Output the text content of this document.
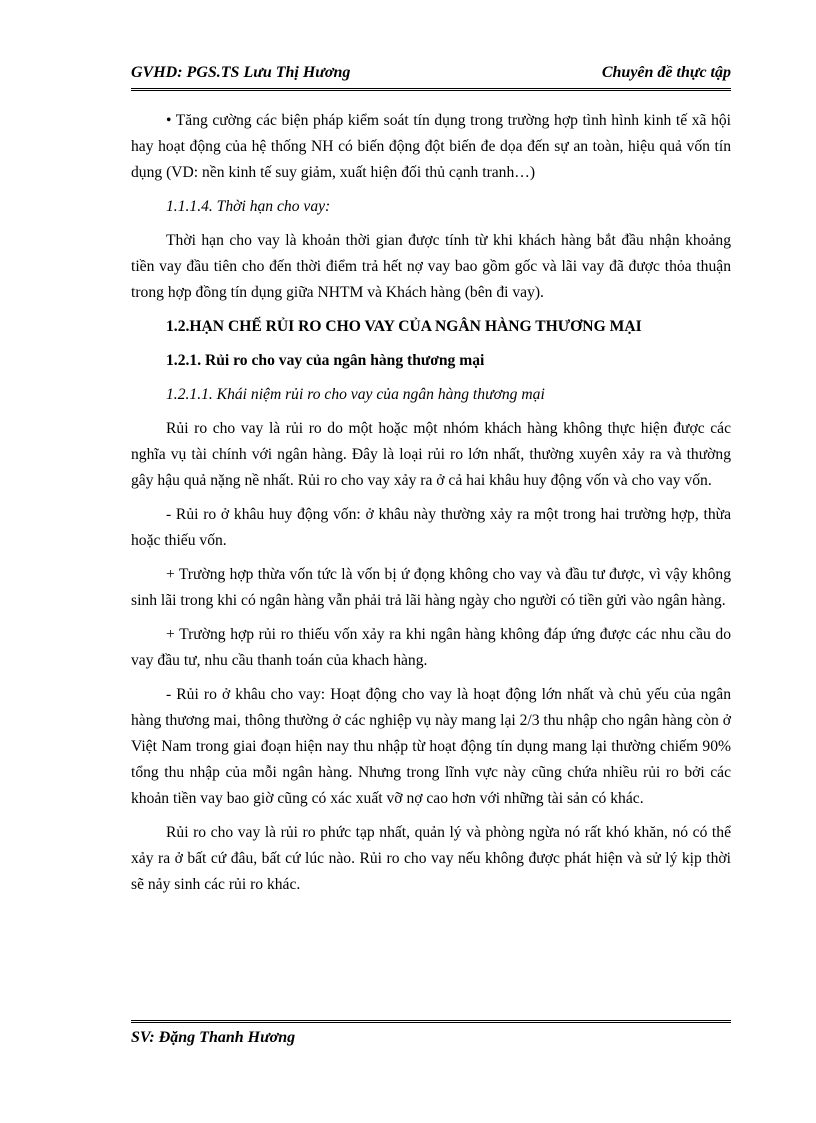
GVHD: PGS.TS Lưu Thị Hương	Chuyên đề thực tập

• Tăng cường các biện pháp kiểm soát tín dụng trong trường hợp tình hình kinh tế xã hội hay hoạt động của hệ thống NH có biến động đột biến đe dọa đến sự an toàn, hiệu quả vốn tín dụng (VD: nền kinh tế suy giảm, xuất hiện đối thủ cạnh tranh…)

1.1.1.4. Thời hạn cho vay:

Thời hạn cho vay là khoản thời gian được tính từ khi khách hàng bắt đầu nhận khoảng tiền vay đầu tiên cho đến thời điểm trả hết nợ vay bao gồm gốc và lãi vay đã được thỏa thuận trong hợp đồng tín dụng giữa NHTM và Khách hàng (bên đi vay).

1.2.HẠN CHẾ RỦI RO CHO VAY CỦA NGÂN HÀNG THƯƠNG MẠI
1.2.1. Rủi ro cho vay của ngân hàng thương mại
1.2.1.1. Khái niệm rủi ro cho vay của ngân hàng thương mại

Rủi ro cho vay là rủi ro do một hoặc một nhóm khách hàng không thực hiện được các nghĩa vụ tài chính với ngân hàng. Đây là loại rủi ro lớn nhất, thường xuyên xảy ra và thường gây hậu quả nặng nề nhất. Rủi ro cho vay xảy ra ở cả hai khâu huy động vốn và cho vay vốn.

- Rủi ro ở khâu huy động vốn: ở khâu này thường xảy ra một trong hai trường hợp, thừa hoặc thiếu vốn.

+ Trường hợp thừa vốn tức là vốn bị ứ đọng không cho vay và đầu tư được, vì vậy không sinh lãi trong khi có ngân hàng vẫn phải trả lãi hàng ngày cho người có tiền gửi vào ngân hàng.

+ Trường hợp rủi ro thiếu vốn xảy ra khi ngân hàng không đáp ứng được các nhu cầu do vay đầu tư, nhu cầu thanh toán của khach hàng.

- Rủi ro ở khâu cho vay: Hoạt động cho vay là hoạt động lớn nhất và chủ yếu của ngân hàng thương mai, thông thường ở các nghiệp vụ này mang lại 2/3 thu nhập cho ngân hàng còn ở Việt Nam trong giai đoạn hiện nay thu nhập từ hoạt động tín dụng mang lại thường chiếm 90% tổng thu nhập của mỗi ngân hàng. Nhưng trong lĩnh vực này cũng chứa nhiều rủi ro bởi các khoản tiền vay bao giờ cũng có xác xuất vỡ nợ cao hơn với những tài sản có khác.

Rủi ro cho vay là rủi ro phức tạp nhất, quản lý và phòng ngừa nó rất khó khăn, nó có thể xảy ra ở bất cứ đâu, bất cứ lúc nào. Rủi ro cho vay nếu không được phát hiện và sử lý kịp thời sẽ nảy sinh các rủi ro khác.

SV: Đặng Thanh Hương
